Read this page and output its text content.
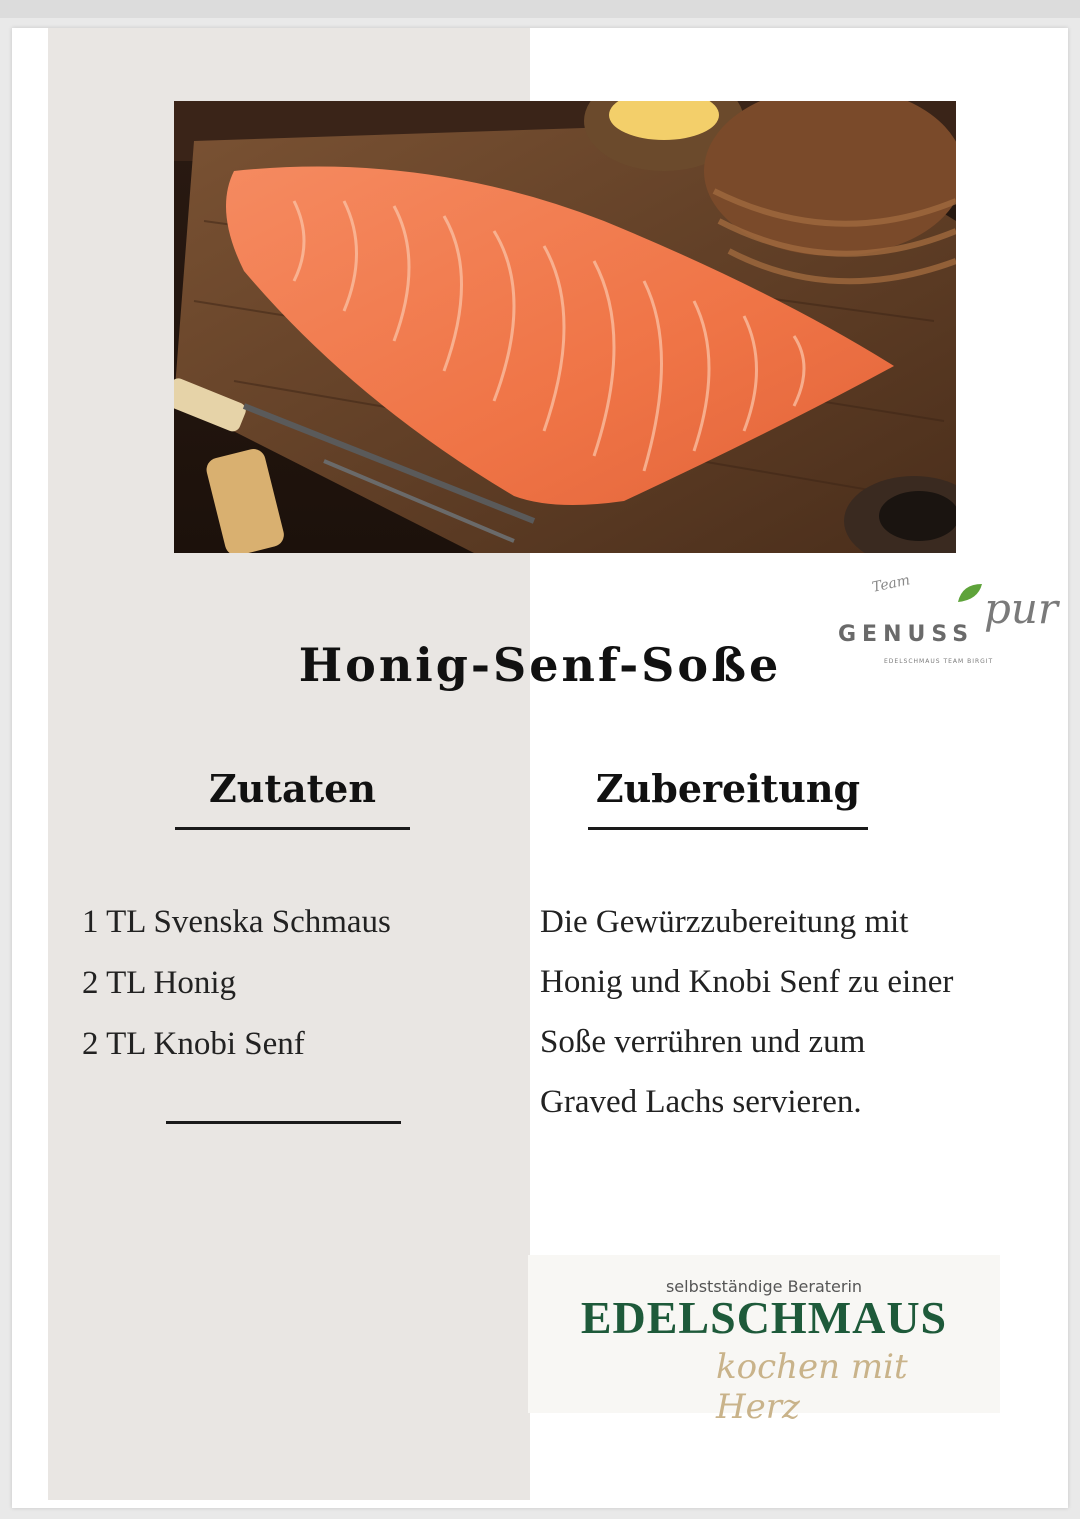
Team
GENUSS
pur
EDELSCHMAUS TEAM BIRGIT
Honig-Senf-Soße
Zutaten	Zubereitung
1 TL Svenska Schmaus
2 TL Honig
2 TL Knobi Senf
Die Gewürzzubereitung mit
Honig und Knobi Senf zu einer
Soße verrühren und zum
Graved Lachs servieren.
selbstständige Beraterin
EDELSCHMAUS
kochen mit Herz
